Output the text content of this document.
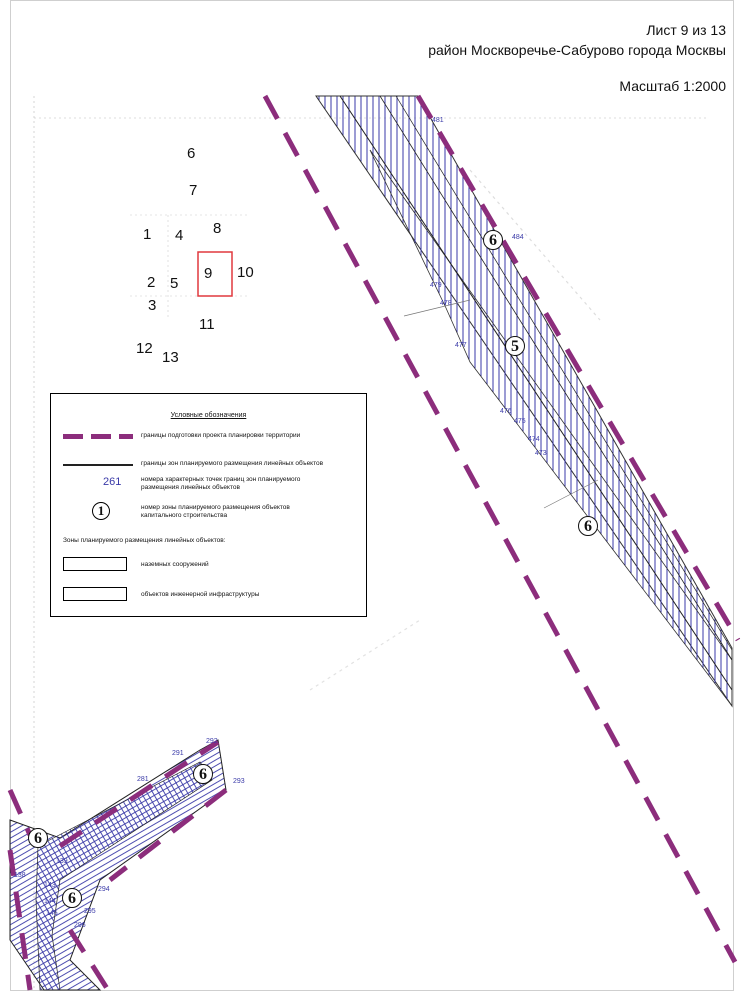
Лист 9 из 13
район Москворечье-Сабурово города Москвы
Масштаб 1:2000
6
7
8
1 4
9 10
2 5
3
11
12
13
Условные обозначения
границы подготовки проекта планировки территории
границы зон планируемого размещения линейных объектов
261	номера характерных точек границ зон планируемого размещения линейных объектов
1	номер зоны планируемого размещения объектов капитального строительства
Зоны планируемого размещения линейных объектов:
наземных сооружений
объектов инженерной инфраструктуры
6
5
6
6
6
6
481
484
479
478
477
476
475
474
473
292
293
291
281
139
138
143
144
145
294
295
296
